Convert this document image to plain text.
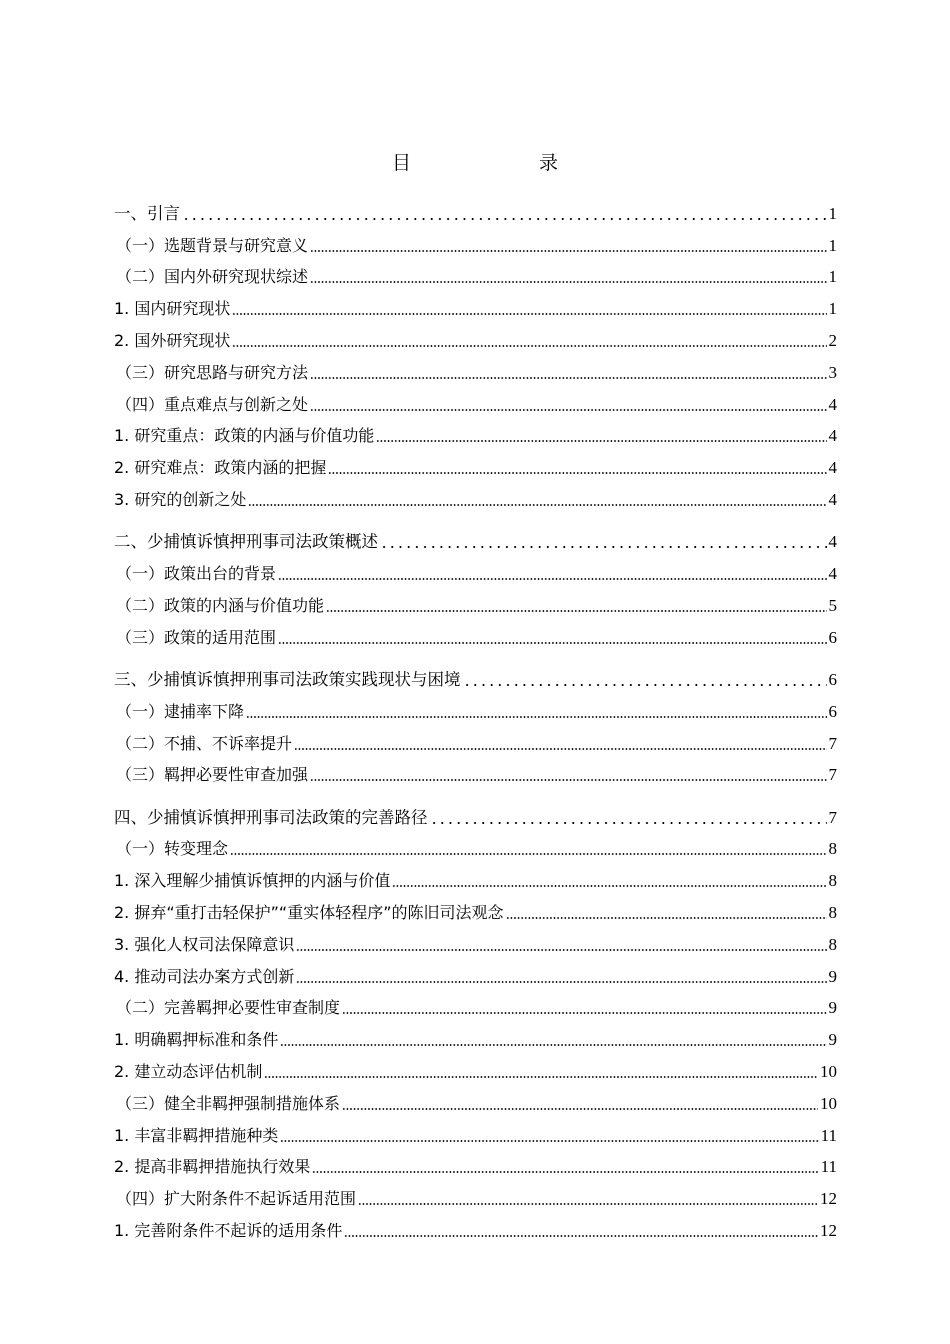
目　　录
一、引言	1
（一）选题背景与研究意义	1
（二）国内外研究现状综述	1
1. 国内研究现状	1
2. 国外研究现状	2
（三）研究思路与研究方法	3
（四）重点难点与创新之处	4
1. 研究重点：政策的内涵与价值功能	4
2. 研究难点：政策内涵的把握	4
3. 研究的创新之处	4
二、少捕慎诉慎押刑事司法政策概述	4
（一）政策出台的背景	4
（二）政策的内涵与价值功能	5
（三）政策的适用范围	6
三、少捕慎诉慎押刑事司法政策实践现状与困境	6
（一）逮捕率下降	6
（二）不捕、不诉率提升	7
（三）羁押必要性审查加强	7
四、少捕慎诉慎押刑事司法政策的完善路径	7
（一）转变理念	8
1. 深入理解少捕慎诉慎押的内涵与价值	8
2. 摒弃“重打击轻保护”“重实体轻程序”的陈旧司法观念	8
3. 强化人权司法保障意识	8
4. 推动司法办案方式创新	9
（二）完善羁押必要性审查制度	9
1. 明确羁押标准和条件	9
2. 建立动态评估机制	10
（三）健全非羁押强制措施体系	10
1. 丰富非羁押措施种类	11
2. 提高非羁押措施执行效果	11
（四）扩大附条件不起诉适用范围	12
1. 完善附条件不起诉的适用条件	12
